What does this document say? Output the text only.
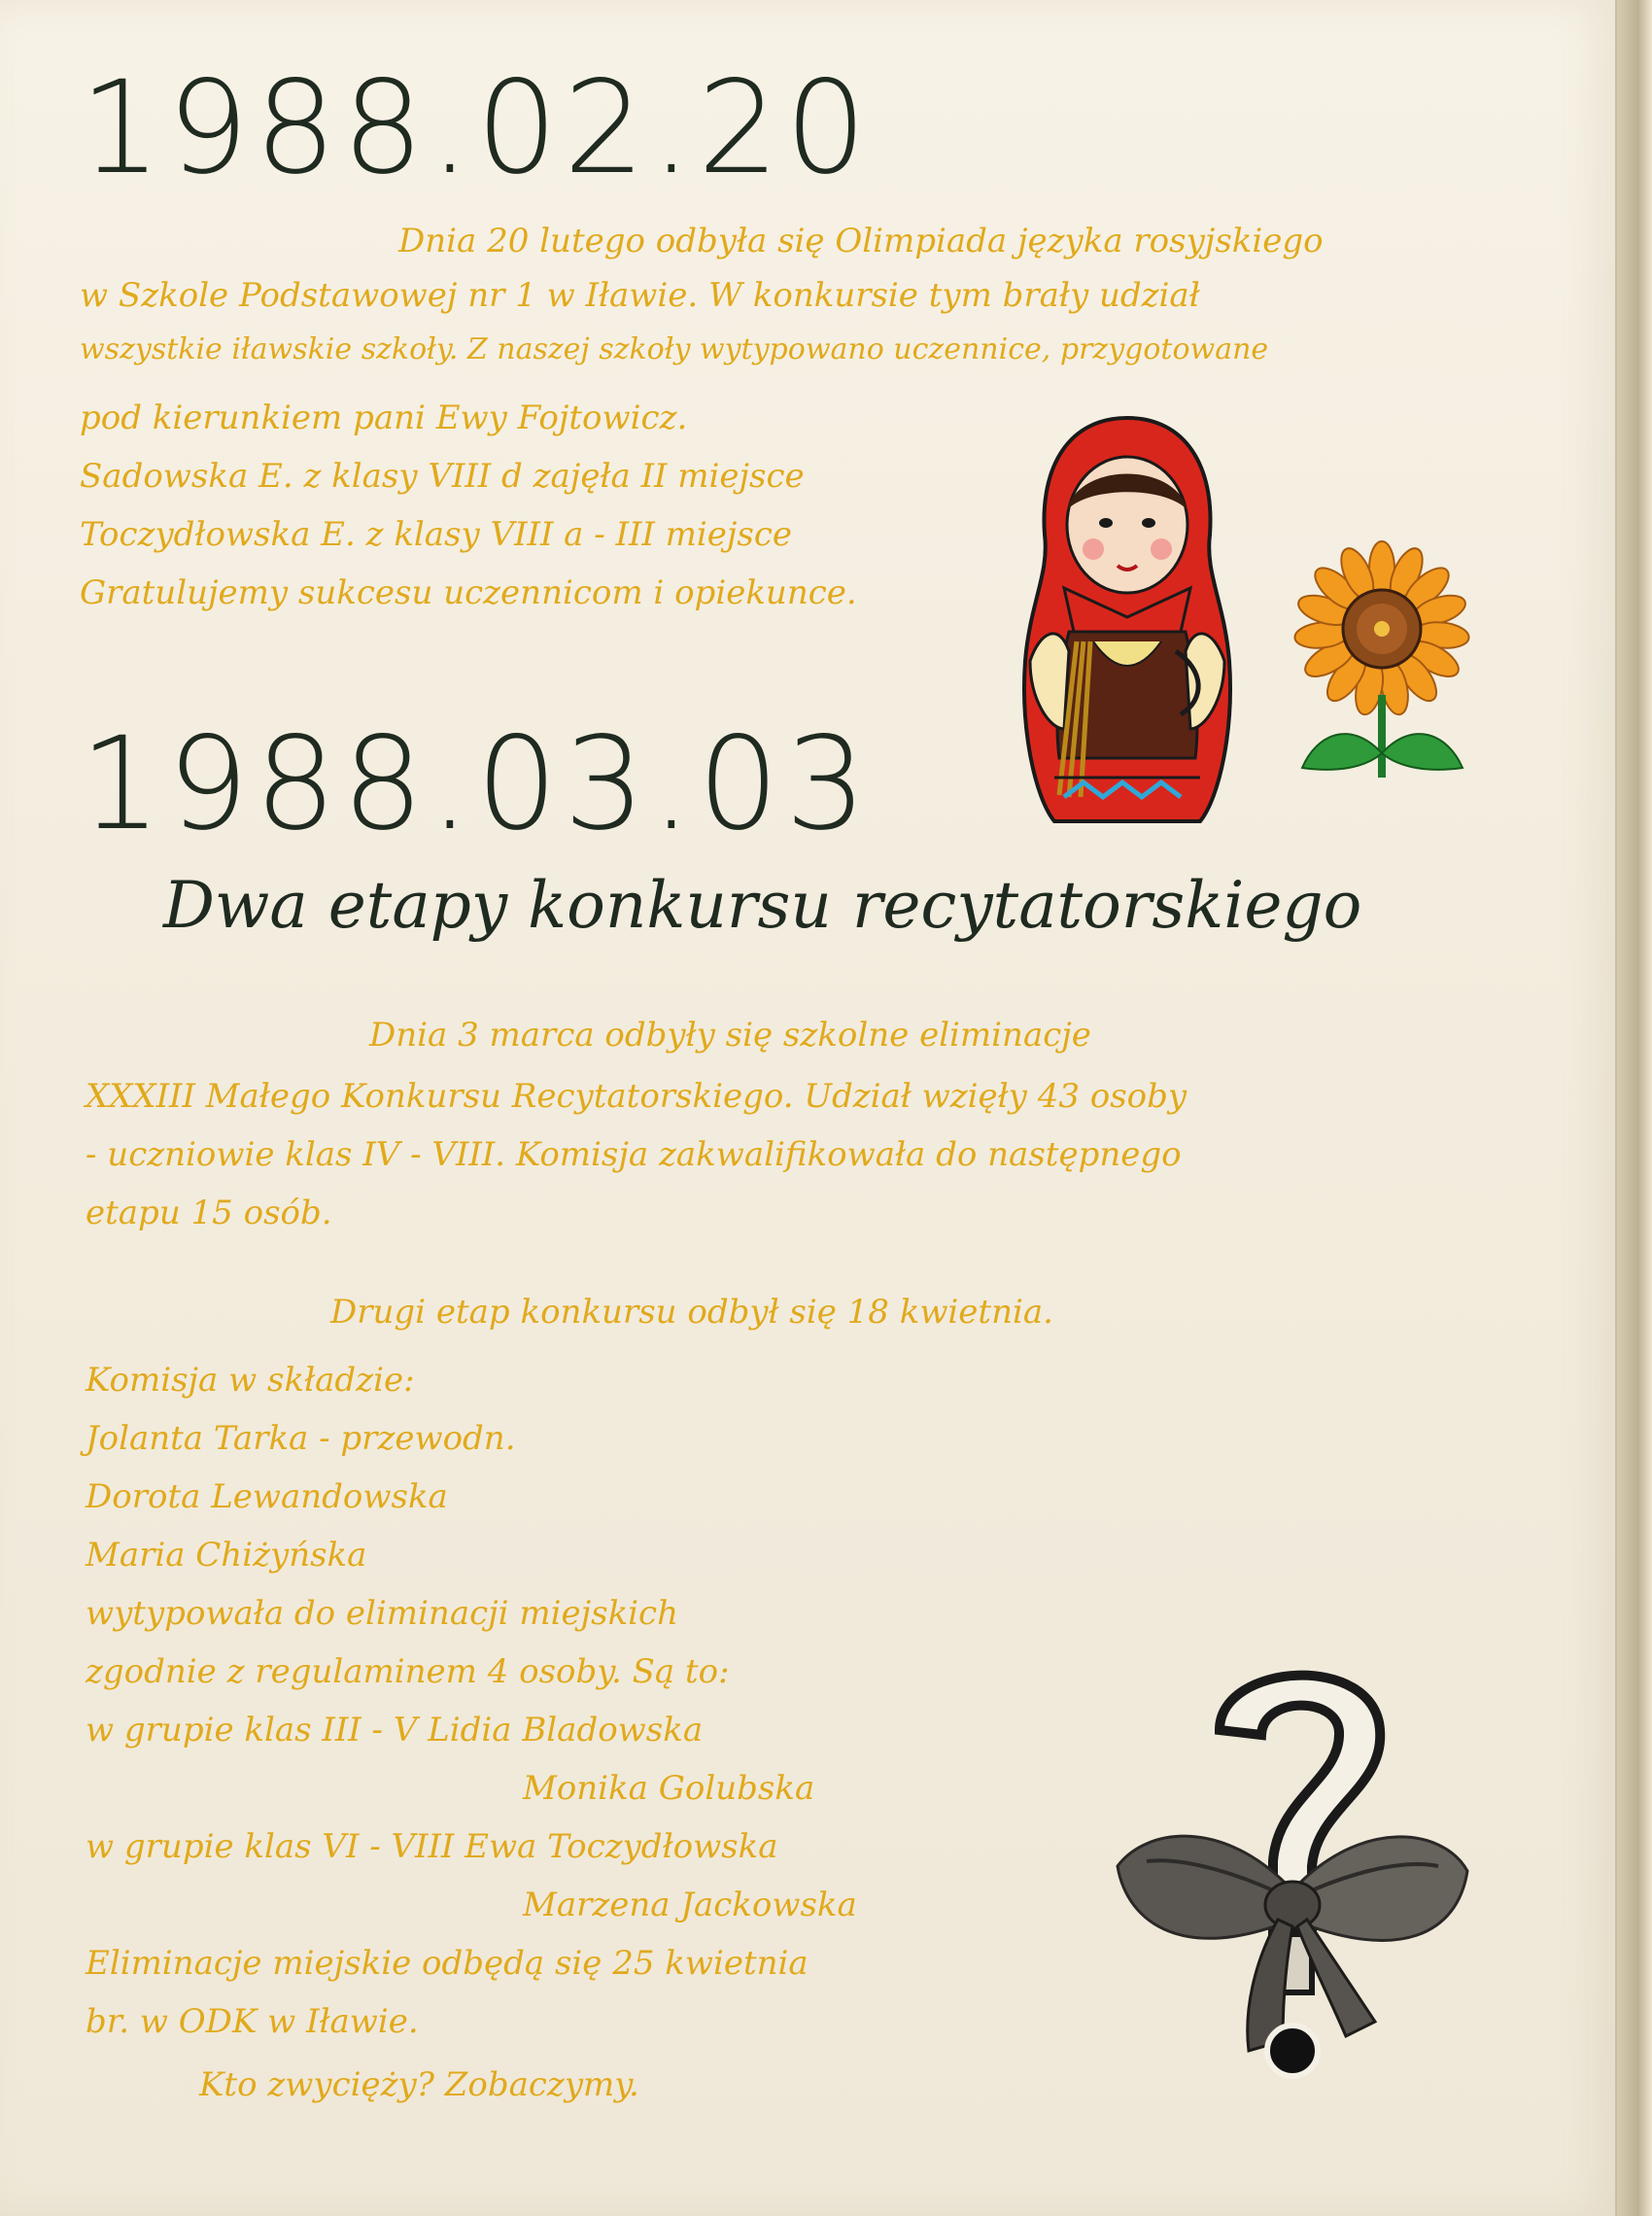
1988.02.20
Dnia 20 lutego odbyła się Olimpiada języka rosyjskiego
w Szkole Podstawowej nr 1 w Iławie. W konkursie tym brały udział
wszystkie iławskie szkoły. Z naszej szkoły wytypowano uczennice, przygotowane
pod kierunkiem pani Ewy Fojtowicz.
Sadowska E. z klasy VIII d zajęła II miejsce
Toczydłowska E. z klasy VIII a - III miejsce
Gratulujemy sukcesu uczennicom i opiekunce.
1988.03.03
Dwa etapy konkursu recytatorskiego
Dnia 3 marca odbyły się szkolne eliminacje
XXXIII Małego Konkursu Recytatorskiego. Udział wzięły 43 osoby
- uczniowie klas IV - VIII. Komisja zakwalifikowała do następnego
etapu 15 osób.
Drugi etap konkursu odbył się 18 kwietnia.
Komisja w składzie:
Jolanta Tarka - przewodn.
Dorota Lewandowska
Maria Chiżyńska
wytypowała do eliminacji miejskich
zgodnie z regulaminem 4 osoby. Są to:
w grupie klas III - V Lidia Bladowska
Monika Golubska
w grupie klas VI - VIII Ewa Toczydłowska
Marzena Jackowska
Eliminacje miejskie odbędą się 25 kwietnia
br. w ODK w Iławie.
Kto zwycięży? Zobaczymy.
